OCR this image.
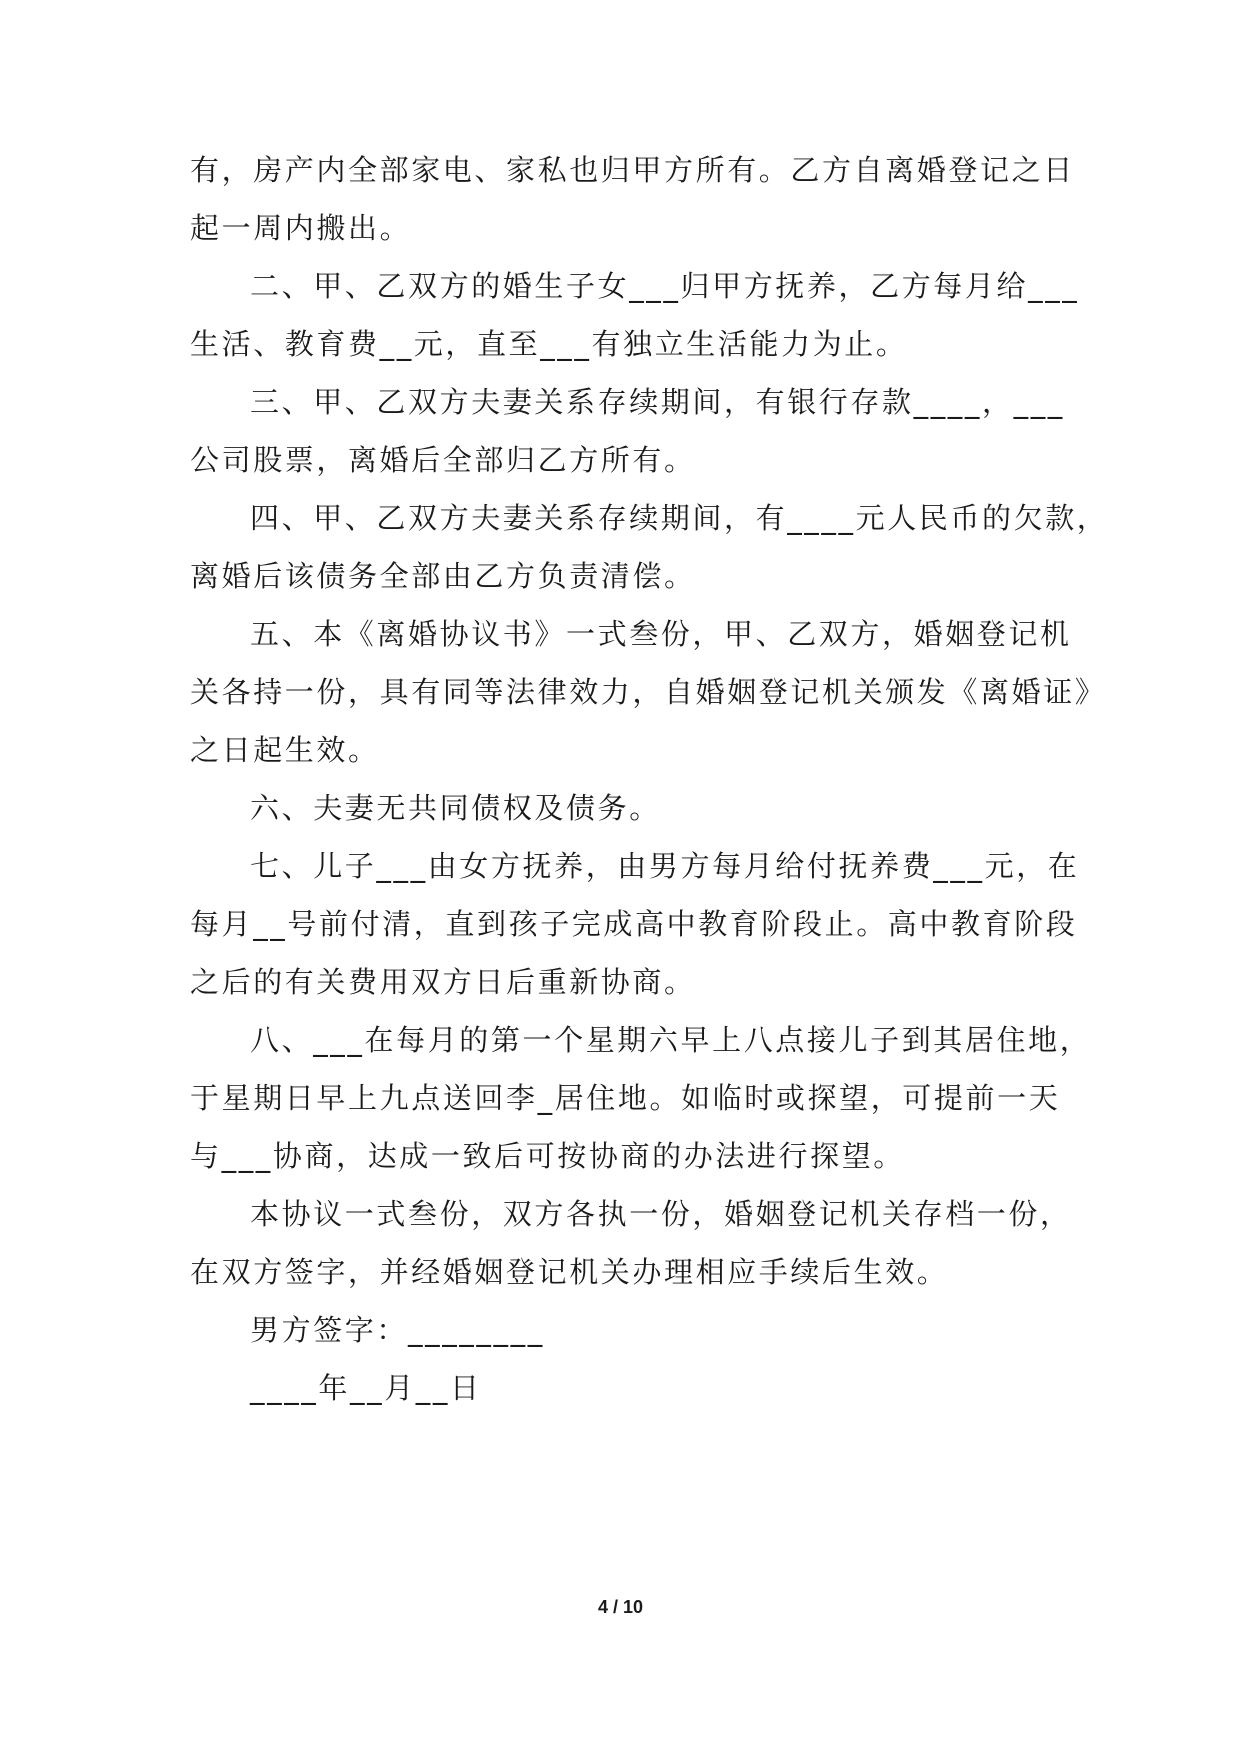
有，房产内全部家电、家私也归甲方所有。乙方自离婚登记之日
起一周内搬出。
二、甲、乙双方的婚生子女___归甲方抚养，乙方每月给___
生活、教育费__元，直至___有独立生活能力为止。
三、甲、乙双方夫妻关系存续期间，有银行存款____，___
公司股票，离婚后全部归乙方所有。
四、甲、乙双方夫妻关系存续期间，有____元人民币的欠款，
离婚后该债务全部由乙方负责清偿。
五、本《离婚协议书》一式叁份，甲、乙双方，婚姻登记机
关各持一份，具有同等法律效力，自婚姻登记机关颁发《离婚证》
之日起生效。
六、夫妻无共同债权及债务。
七、儿子___由女方抚养，由男方每月给付抚养费___元，在
每月__号前付清，直到孩子完成高中教育阶段止。高中教育阶段
之后的有关费用双方日后重新协商。
八、___在每月的第一个星期六早上八点接儿子到其居住地，
于星期日早上九点送回李_居住地。如临时或探望，可提前一天
与___协商，达成一致后可按协商的办法进行探望。
本协议一式叁份，双方各执一份，婚姻登记机关存档一份，
在双方签字，并经婚姻登记机关办理相应手续后生效。
男方签字：________
____年__月__日
4 / 10
